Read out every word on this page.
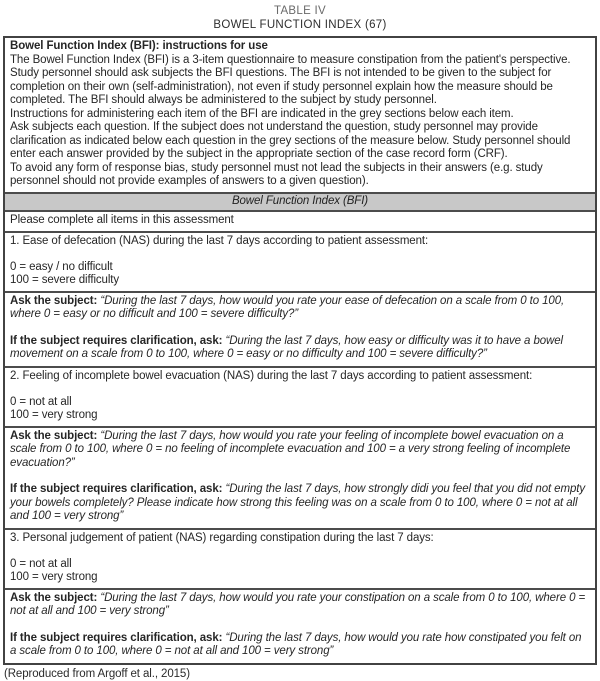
TABLE IV
BOWEL FUNCTION INDEX (67)

Bowel Function Index (BFI): instructions for use

The Bowel Function Index (BFI) is a 3-item questionnaire to measure constipation from the patient's perspective. Study personnel should ask subjects the BFI questions. The BFI is not intended to be given to the subject for completion on their own (self-administration), not even if study personnel explain how the measure should be completed. The BFI should always be administered to the subject by study personnel.

Instructions for administering each item of the BFI are indicated in the grey sections below each item.

Ask subjects each question. If the subject does not understand the question, study personnel may provide clarification as indicated below each question in the grey sections of the measure below. Study personnel should enter each answer provided by the subject in the appropriate section of the case record form (CRF).

To avoid any form of response bias, study personnel must not lead the subjects in their answers (e.g. study personnel should not provide examples of answers to a given question).

Bowel Function Index (BFI)

Please complete all items in this assessment

1. Ease of defecation (NAS) during the last 7 days according to patient assessment:

0 = easy / no difficult

100 = severe difficulty

Ask the subject: “During the last 7 days, how would you rate your ease of defecation on a scale from 0 to 100, where 0 = easy or no difficult and 100 = severe difficulty?”

If the subject requires clarification, ask: “During the last 7 days, how easy or difficulty was it to have a bowel movement on a scale from 0 to 100, where 0 = easy or no difficulty and 100 = severe difficulty?”

2. Feeling of incomplete bowel evacuation (NAS) during the last 7 days according to patient assessment:

0 = not at all

100 = very strong

Ask the subject: “During the last 7 days, how would you rate your feeling of incomplete bowel evacuation on a scale from 0 to 100, where 0 = no feeling of incomplete evacuation and 100 = a very strong feeling of incomplete evacuation?”

If the subject requires clarification, ask: “During the last 7 days, how strongly didi you feel that you did not empty your bowels completely? Please indicate how strong this feeling was on a scale from 0 to 100, where 0 = not at all and 100 = very strong”

3. Personal judgement of patient (NAS) regarding constipation during the last 7 days:

0 = not at all

100 = very strong

Ask the subject: “During the last 7 days, how would you rate your constipation on a scale from 0 to 100, where 0 = not at all and 100 = very strong”

If the subject requires clarification, ask: “During the last 7 days, how would you rate how constipated you felt on a scale from 0 to 100, where 0 = not at all and 100 = very strong”

(Reproduced from Argoff et al., 2015)
